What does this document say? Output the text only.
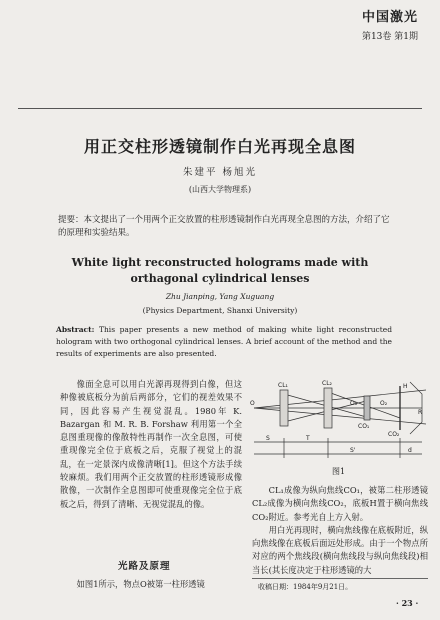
中国激光
第13卷 第1期
用正交柱形透镜制作白光再现全息图
朱建平 杨旭光
(山西大学物理系)
提要：本文提出了一个用两个正交放置的柱形透镜制作白光再现全息图的方法，介绍了它的原理和实验结果。
White light reconstructed holograms made with orthagonal cylindrical lenses
Zhu Jianping, Yang Xuguang
(Physics Department, Shanxi University)
Abstract: This paper presents a new method of making white light reconstructed hologram with two orthogonal cylindrical lenses. A brief account of the method and the results of experiments are also presented.

像面全息可以用白光源再现得到白像，但这种像被底板分为前后两部分，它们的视差效果不同，因此容易产生视觉混乱。1980年 K. Bazargan 和 M. R. B. Forshaw 利用第一个全息图重现像的像散特性再制作一次全息图，可使重现像完全位于底板之后，克服了视觉上的混乱，在一定景深内成像清晰[1]。但这个方法手续较麻烦。我们用两个正交放置的柱形透镜形成像散像，一次制作全息图即可使重现像完全位于底板之后，得到了清晰、无视觉混乱的像。

光路及原理
如图1所示，物点O被第一柱形透镜
CL₁	CL₂
O	O₁	O₂
CO₁
CO₂
H
R
S
S'
T
d
图1

CL₁成像为纵向焦线CO₁，被第二柱形透镜CL₂成像为横向焦线CO₂，底板H置于横向焦线CO₂附近。参考光自上方入射。

用白光再现时，横向焦线像在底板附近，纵向焦线像在底板后面远处形成。由于一个物点所对应的两个焦线段(横向焦线段与纵向焦线段)相当长(其长度决定于柱形透镜的大

收稿日期：1984年9月21日。
· 23 ·
